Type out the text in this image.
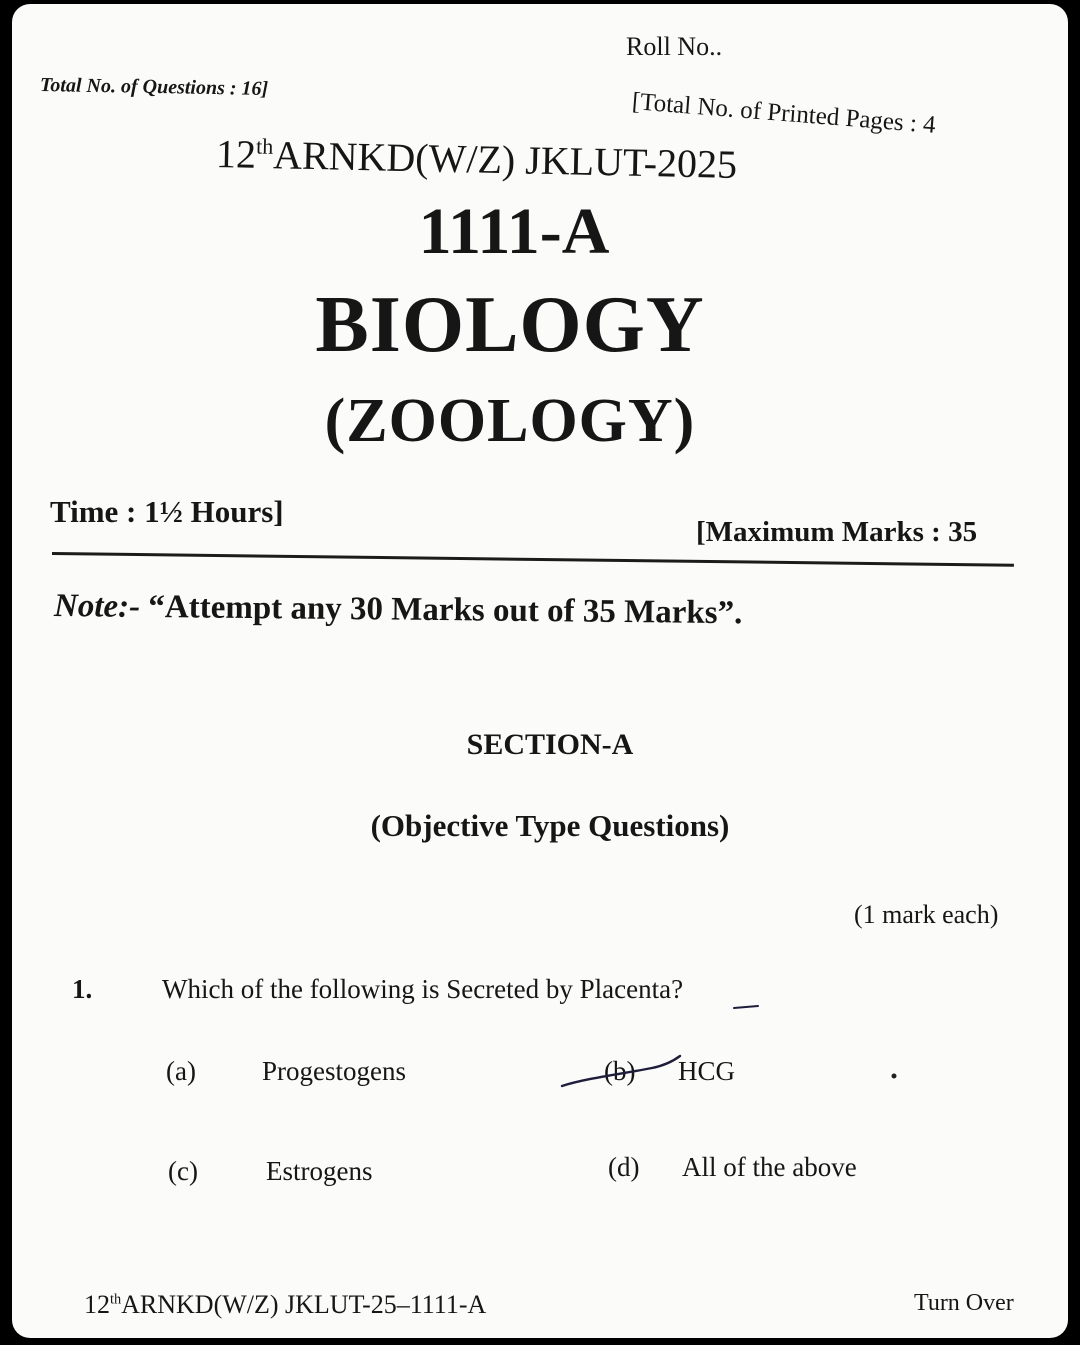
Roll No..
Total No. of Questions : 16]
[Total No. of Printed Pages : 4
12thARNKD(W/Z) JKLUT-2025
1111-A
BIOLOGY
(ZOOLOGY)
Time : 1½ Hours]
[Maximum Marks : 35
Note:- “Attempt any 30 Marks out of 35 Marks”.
SECTION-A
(Objective Type Questions)
(1 mark each)
1.	Which of the following is Secreted by Placenta?
(a) Progestogens	(b) HCG
(c)	Estrogens	(d) All of the above
12thARNKD(W/Z) JKLUT-25–1111-A	Turn Over
